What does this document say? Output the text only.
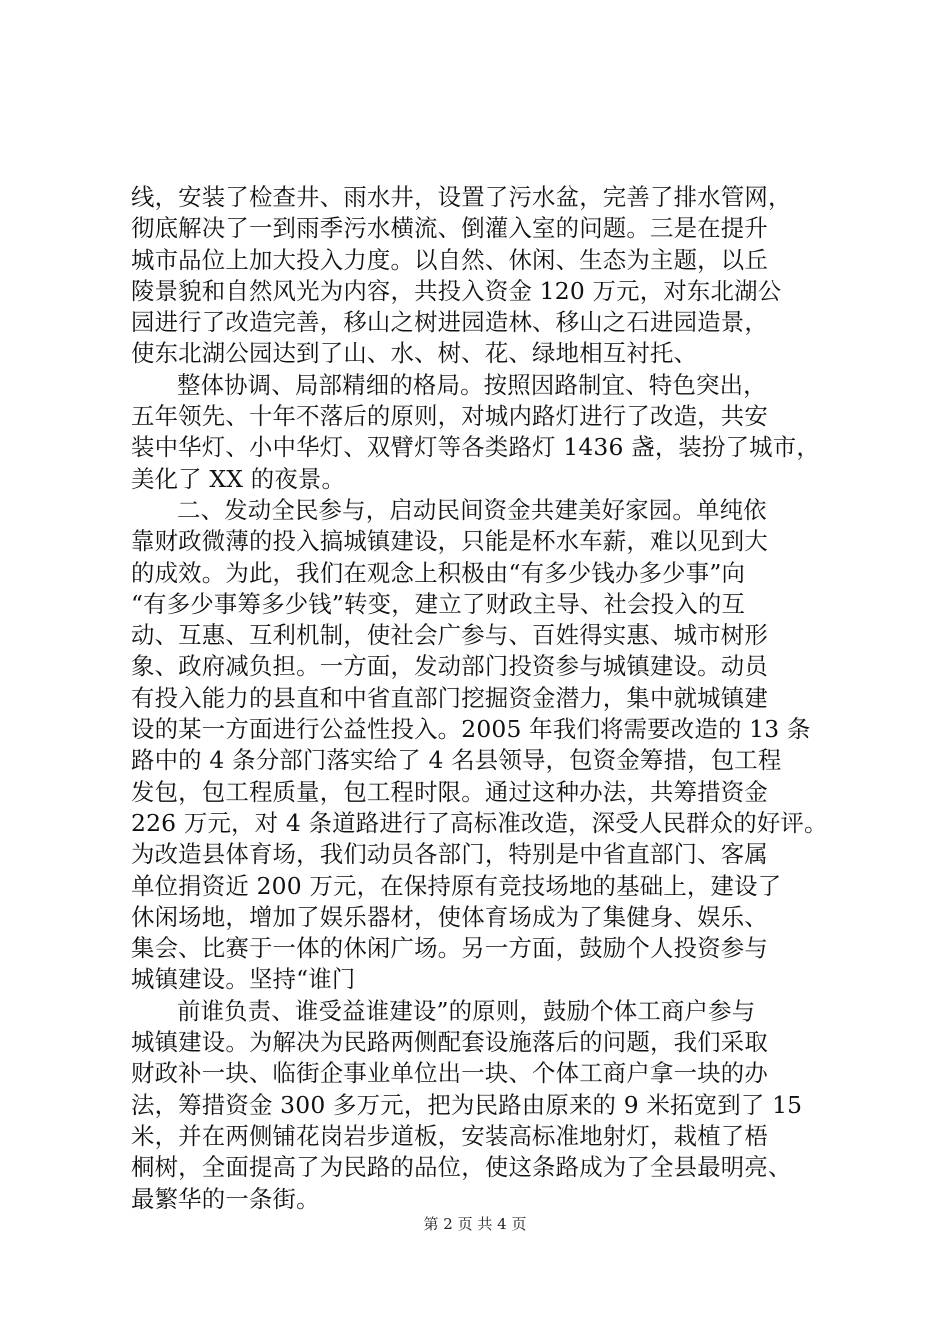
线，安装了检查井、雨水井，设置了污水盆，完善了排水管网，
彻底解决了一到雨季污水横流、倒灌入室的问题。三是在提升
城市品位上加大投入力度。以自然、休闲、生态为主题，以丘
陵景貌和自然风光为内容，共投入资金 120 万元，对东北湖公
园进行了改造完善，移山之树进园造林、移山之石进园造景，
使东北湖公园达到了山、水、树、花、绿地相互衬托、
整体协调、局部精细的格局。按照因路制宜、特色突出，
五年领先、十年不落后的原则，对城内路灯进行了改造，共安
装中华灯、小中华灯、双臂灯等各类路灯 1436 盏，装扮了城市，
美化了 XX 的夜景。
二、发动全民参与，启动民间资金共建美好家园。单纯依
靠财政微薄的投入搞城镇建设，只能是杯水车薪，难以见到大
的成效。为此，我们在观念上积极由“有多少钱办多少事”向
“有多少事筹多少钱”转变，建立了财政主导、社会投入的互
动、互惠、互利机制，使社会广参与、百姓得实惠、城市树形
象、政府减负担。一方面，发动部门投资参与城镇建设。动员
有投入能力的县直和中省直部门挖掘资金潜力，集中就城镇建
设的某一方面进行公益性投入。2005 年我们将需要改造的 13 条
路中的 4 条分部门落实给了 4 名县领导，包资金筹措，包工程
发包，包工程质量，包工程时限。通过这种办法，共筹措资金
226 万元，对 4 条道路进行了高标准改造，深受人民群众的好评。
为改造县体育场，我们动员各部门，特别是中省直部门、客属
单位捐资近 200 万元，在保持原有竞技场地的基础上，建设了
休闲场地，增加了娱乐器材，使体育场成为了集健身、娱乐、
集会、比赛于一体的休闲广场。另一方面，鼓励个人投资参与
城镇建设。坚持“谁门
前谁负责、谁受益谁建设”的原则，鼓励个体工商户参与
城镇建设。为解决为民路两侧配套设施落后的问题，我们采取
财政补一块、临街企事业单位出一块、个体工商户拿一块的办
法，筹措资金 300 多万元，把为民路由原来的 9 米拓宽到了 15
米，并在两侧铺花岗岩步道板，安装高标准地射灯，栽植了梧
桐树，全面提高了为民路的品位，使这条路成为了全县最明亮、
最繁华的一条街。
第 2 页 共 4 页
